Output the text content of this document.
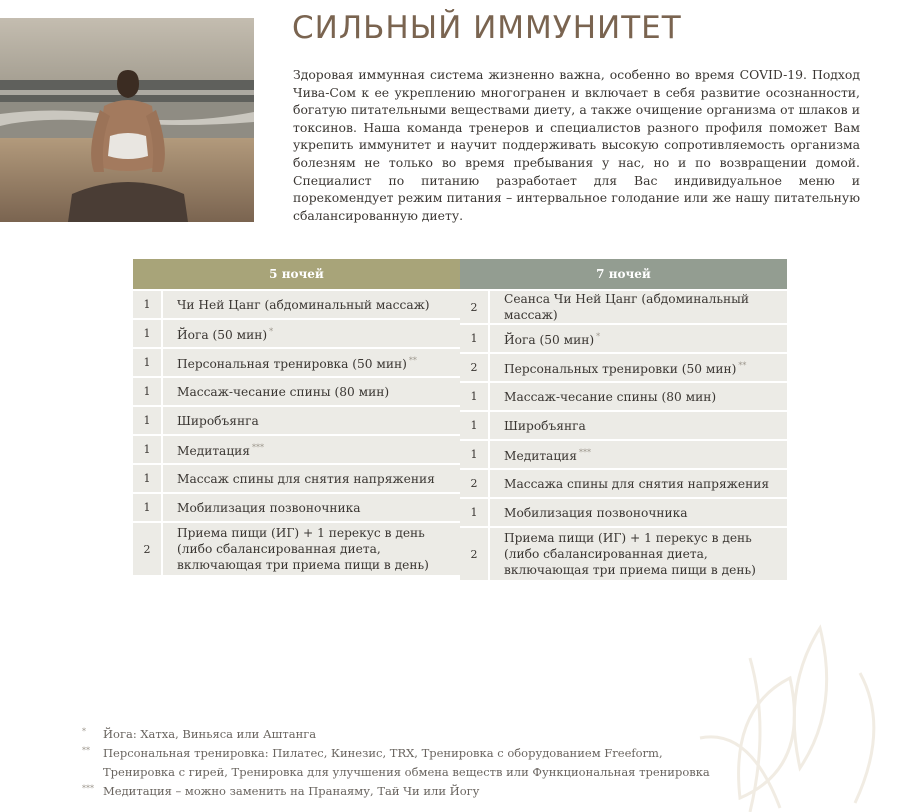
СИЛЬНЫЙ ИММУНИТЕТ

Здоровая иммунная система жизненно важна, особенно во время COVID-19. Подход Чива-Сом к ее укреплению многогранен и включает в себя развитие осознанности, богатую питательными веществами диету, а также очищение организма от шлаков и токсинов. Наша команда тренеров и специалистов разного профиля поможет Вам укрепить иммунитет и научит поддерживать высокую сопротивляемость организма болезням не только во время пребывания у нас, но и по возвращении домой. Специалист по питанию разработает для Вас индивидуальное меню и порекомендует режим питания – интервальное голодание или же нашу питательную сбалансированную диету.

5 ночей	
1	Чи Ней Цанг (абдоминальный массаж)
1	Йога (50 мин) *
1	Персональная тренировка (50 мин) **
1	Массаж-чесание спины (80 мин)
1	Широбъянга
1	Медитация ***
1	Массаж спины для снятия напряжения
1	Мобилизация позвоночника
2	Приема пищи (ИГ) + 1 перекус в день (либо сбалансированная диета, включающая три приема пищи в день)
7 ночей	
2	Сеанса Чи Ней Цанг (абдоминальный массаж)
1	Йога (50 мин) *
2	Персональных тренировки (50 мин) **
1	Массаж-чесание спины (80 мин)
1	Широбъянга
1	Медитация ***
2	Массажа спины для снятия напряжения
1	Мобилизация позвоночника
2	Приема пищи (ИГ) + 1 перекус в день (либо сбалансированная диета, включающая три приема пищи в день)
* Йога: Хатха, Виньяса или Аштанга
** Персональная тренировка: Пилатес, Кинезис, TRX, Тренировка с оборудованием Freeform,
Тренировка с гирей, Тренировка для улучшения обмена веществ или Функциональная тренировка
*** Медитация – можно заменить на Пранаяму, Тай Чи или Йогу
